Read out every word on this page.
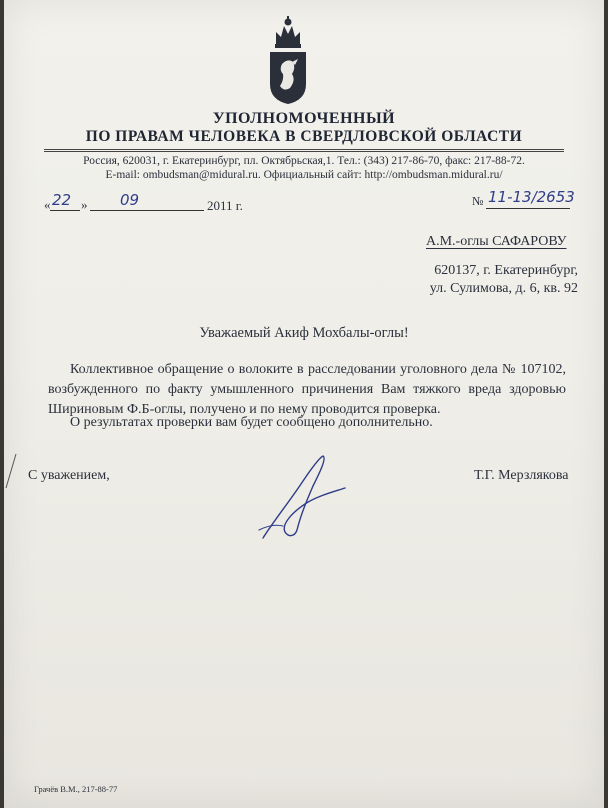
УПОЛНОМОЧЕННЫЙ
ПО ПРАВАМ ЧЕЛОВЕКА В СВЕРДЛОВСКОЙ ОБЛАСТИ
Россия, 620031, г. Екатеринбург, пл. Октябрьская,1. Тел.: (343) 217-86-70, факс: 217-88-72.
E-mail: ombudsman@midural.ru. Официальный сайт: http://ombudsman.midural.ru/
« 22 » 09	2011 г.	№ 11-13/2653
А.М.-оглы САФАРОВУ
620137, г. Екатеринбург,
ул. Сулимова, д. 6, кв. 92
Уважаемый Акиф Мохбалы-оглы!

Коллективное обращение о волоките в расследовании уголовного дела № 107102, возбужденного по факту умышленного причинения Вам тяжкого вреда здоровью Шириновым Ф.Б-оглы, получено и по нему проводится проверка.

О результатах проверки вам будет сообщено дополнительно.

С уважением,	Т.Г. Мерзлякова
Грачёв В.М., 217-88-77
